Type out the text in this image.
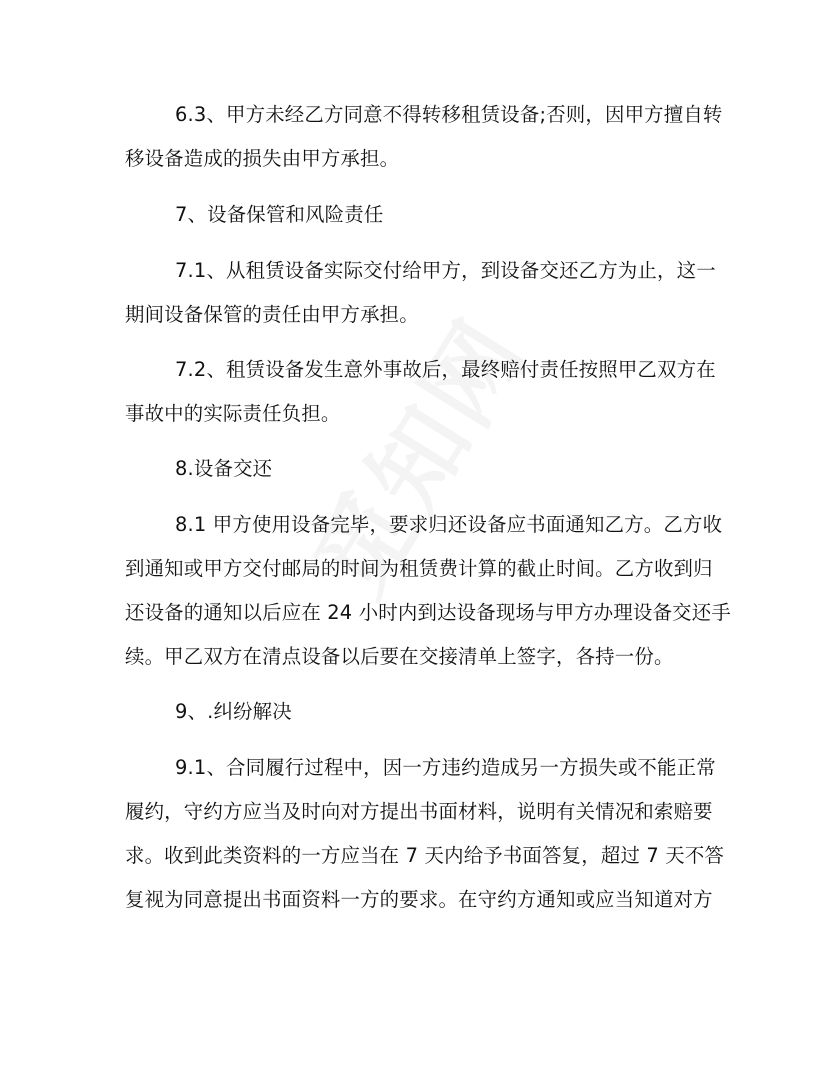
6.3、甲方未经乙方同意不得转移租赁设备;否则，因甲方擅自转
移设备造成的损失由甲方承担。
7、设备保管和风险责任
7.1、从租赁设备实际交付给甲方，到设备交还乙方为止，这一
期间设备保管的责任由甲方承担。
7.2、租赁设备发生意外事故后，最终赔付责任按照甲乙双方在
事故中的实际责任负担。
8.设备交还
8.1 甲方使用设备完毕，要求归还设备应书面通知乙方。乙方收
到通知或甲方交付邮局的时间为租赁费计算的截止时间。乙方收到归
还设备的通知以后应在 24 小时内到达设备现场与甲方办理设备交还手
续。甲乙双方在清点设备以后要在交接清单上签字，各持一份。
9、.纠纷解决
9.1、合同履行过程中，因一方违约造成另一方损失或不能正常
履约，守约方应当及时向对方提出书面材料，说明有关情况和索赔要
求。收到此类资料的一方应当在 7 天内给予书面答复，超过 7 天不答
复视为同意提出书面资料一方的要求。在守约方通知或应当知道对方
